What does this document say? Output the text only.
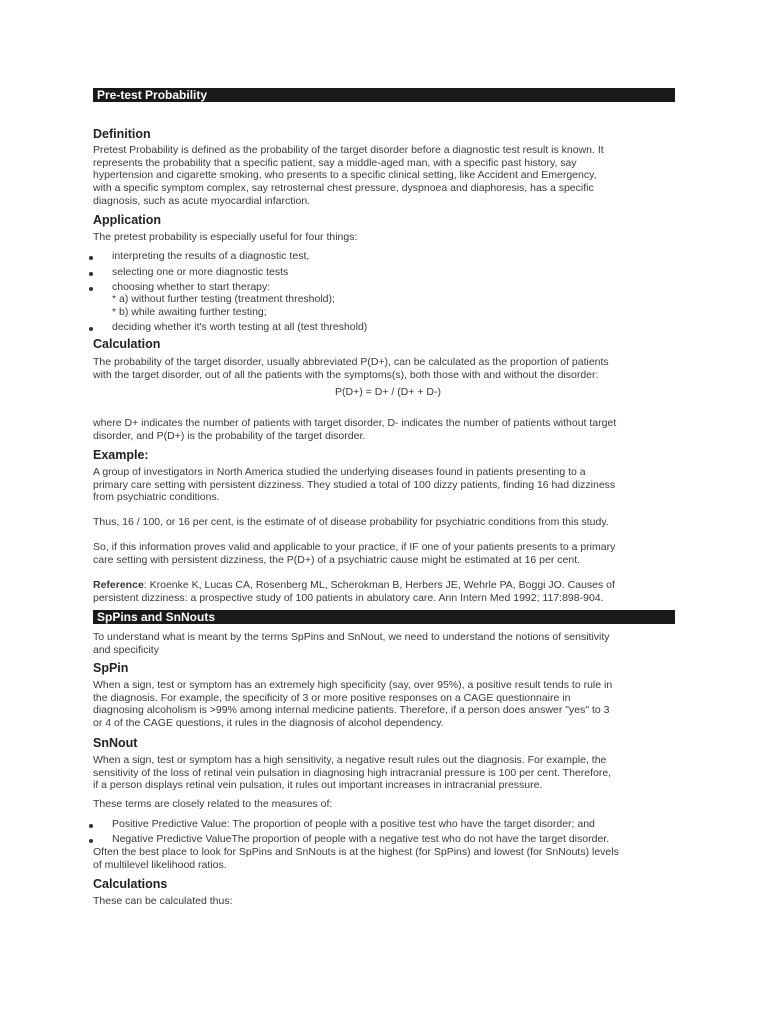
Pre-test Probability
Definition
Pretest Probability is defined as the probability of the target disorder before a diagnostic test result is known. It
represents the probability that a specific patient, say a middle-aged man, with a specific past history, say
hypertension and cigarette smoking, who presents to a specific clinical setting, like Accident and Emergency,
with a specific symptom complex, say retrosternal chest pressure, dyspnoea and diaphoresis, has a specific
diagnosis, such as acute myocardial infarction.
Application
The pretest probability is especially useful for four things:
interpreting the results of a diagnostic test,
selecting one or more diagnostic tests
choosing whether to start therapy:
* a) without further testing (treatment threshold);
* b) while awaiting further testing;
deciding whether it's worth testing at all (test threshold)
Calculation
The probability of the target disorder, usually abbreviated P(D+), can be calculated as the proportion of patients
with the target disorder, out of all the patients with the symptoms(s), both those with and without the disorder:
P(D+) = D+ / (D+ + D-)
where D+ indicates the number of patients with target disorder, D- indicates the number of patients without target
disorder, and P(D+) is the probability of the target disorder.
Example:
A group of investigators in North America studied the underlying diseases found in patients presenting to a
primary care setting with persistent dizziness. They studied a total of 100 dizzy patients, finding 16 had dizziness
from psychiatric conditions.
Thus, 16 / 100, or 16 per cent, is the estimate of of disease probability for psychiatric conditions from this study.
So, if this information proves valid and applicable to your practice, if IF one of your patients presents to a primary
care setting with persistent dizziness, the P(D+) of a psychiatric cause might be estimated at 16 per cent.
Reference: Kroenke K, Lucas CA, Rosenberg ML, Scherokman B, Herbers JE, Wehrle PA, Boggi JO. Causes of
persistent dizziness: a prospective study of 100 patients in abulatory care. Ann Intern Med 1992; 117:898-904.
SpPins and SnNouts
To understand what is meant by the terms SpPins and SnNout, we need to understand the notions of sensitivity
and specificity
SpPin
When a sign, test or symptom has an extremely high specificity (say, over 95%), a positive result tends to rule in
the diagnosis. For example, the specificity of 3 or more positive responses on a CAGE questionnaire in
diagnosing alcoholism is >99% among internal medicine patients. Therefore, if a person does answer "yes" to 3
or 4 of the CAGE questions, it rules in the diagnosis of alcohol dependency.
SnNout
When a sign, test or symptom has a high sensitivity, a negative result rules out the diagnosis. For example, the
sensitivity of the loss of retinal vein pulsation in diagnosing high intracranial pressure is 100 per cent. Therefore,
if a person displays retinal vein pulsation, it rules out important increases in intracranial pressure.
These terms are closely related to the measures of:
Positive Predictive Value: The proportion of people with a positive test who have the target disorder; and
Negative Predictive ValueThe proportion of people with a negative test who do not have the target disorder.
Often the best place to look for SpPins and SnNouts is at the highest (for SpPins) and lowest (for SnNouts) levels
of multilevel likelihood ratios.
Calculations
These can be calculated thus:
